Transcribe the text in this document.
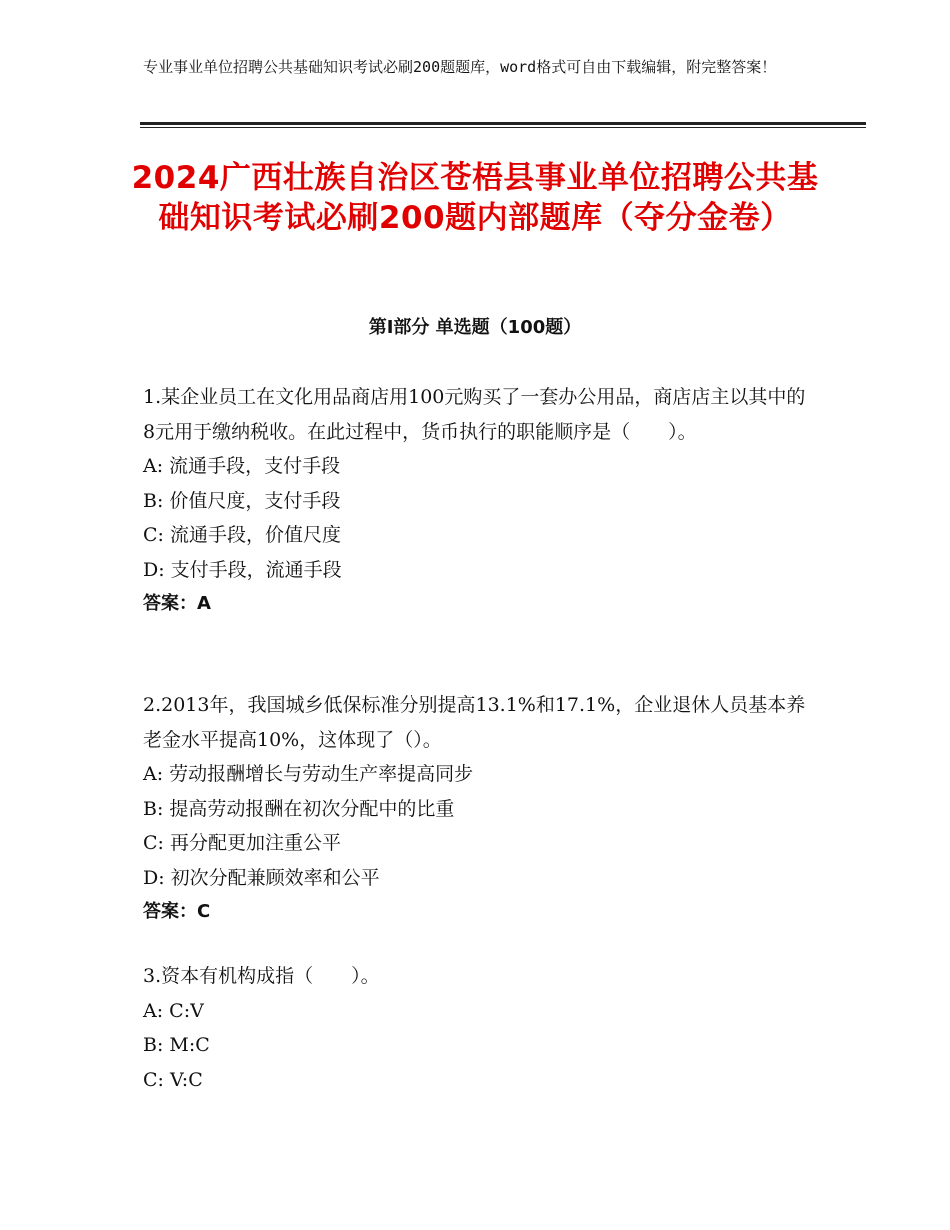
专业事业单位招聘公共基础知识考试必刷200题题库，word格式可自由下载编辑，附完整答案！
2024广西壮族自治区苍梧县事业单位招聘公共基础知识考试必刷200题内部题库（夺分金卷）
第I部分 单选题（100题）

1.某企业员工在文化用品商店用100元购买了一套办公用品，商店店主以其中的8元用于缴纳税收。在此过程中，货币执行的职能顺序是（　　）。

A: 流通手段，支付手段

B: 价值尺度，支付手段

C: 流通手段，价值尺度

D: 支付手段，流通手段

答案：A

2.2013年，我国城乡低保标准分别提高13.1%和17.1%，企业退休人员基本养老金水平提高10%，这体现了（）。

A: 劳动报酬增长与劳动生产率提高同步

B: 提高劳动报酬在初次分配中的比重

C: 再分配更加注重公平

D: 初次分配兼顾效率和公平

答案：C

3.资本有机构成指（　　）。

A: C:V

B: M:C

C: V:C
